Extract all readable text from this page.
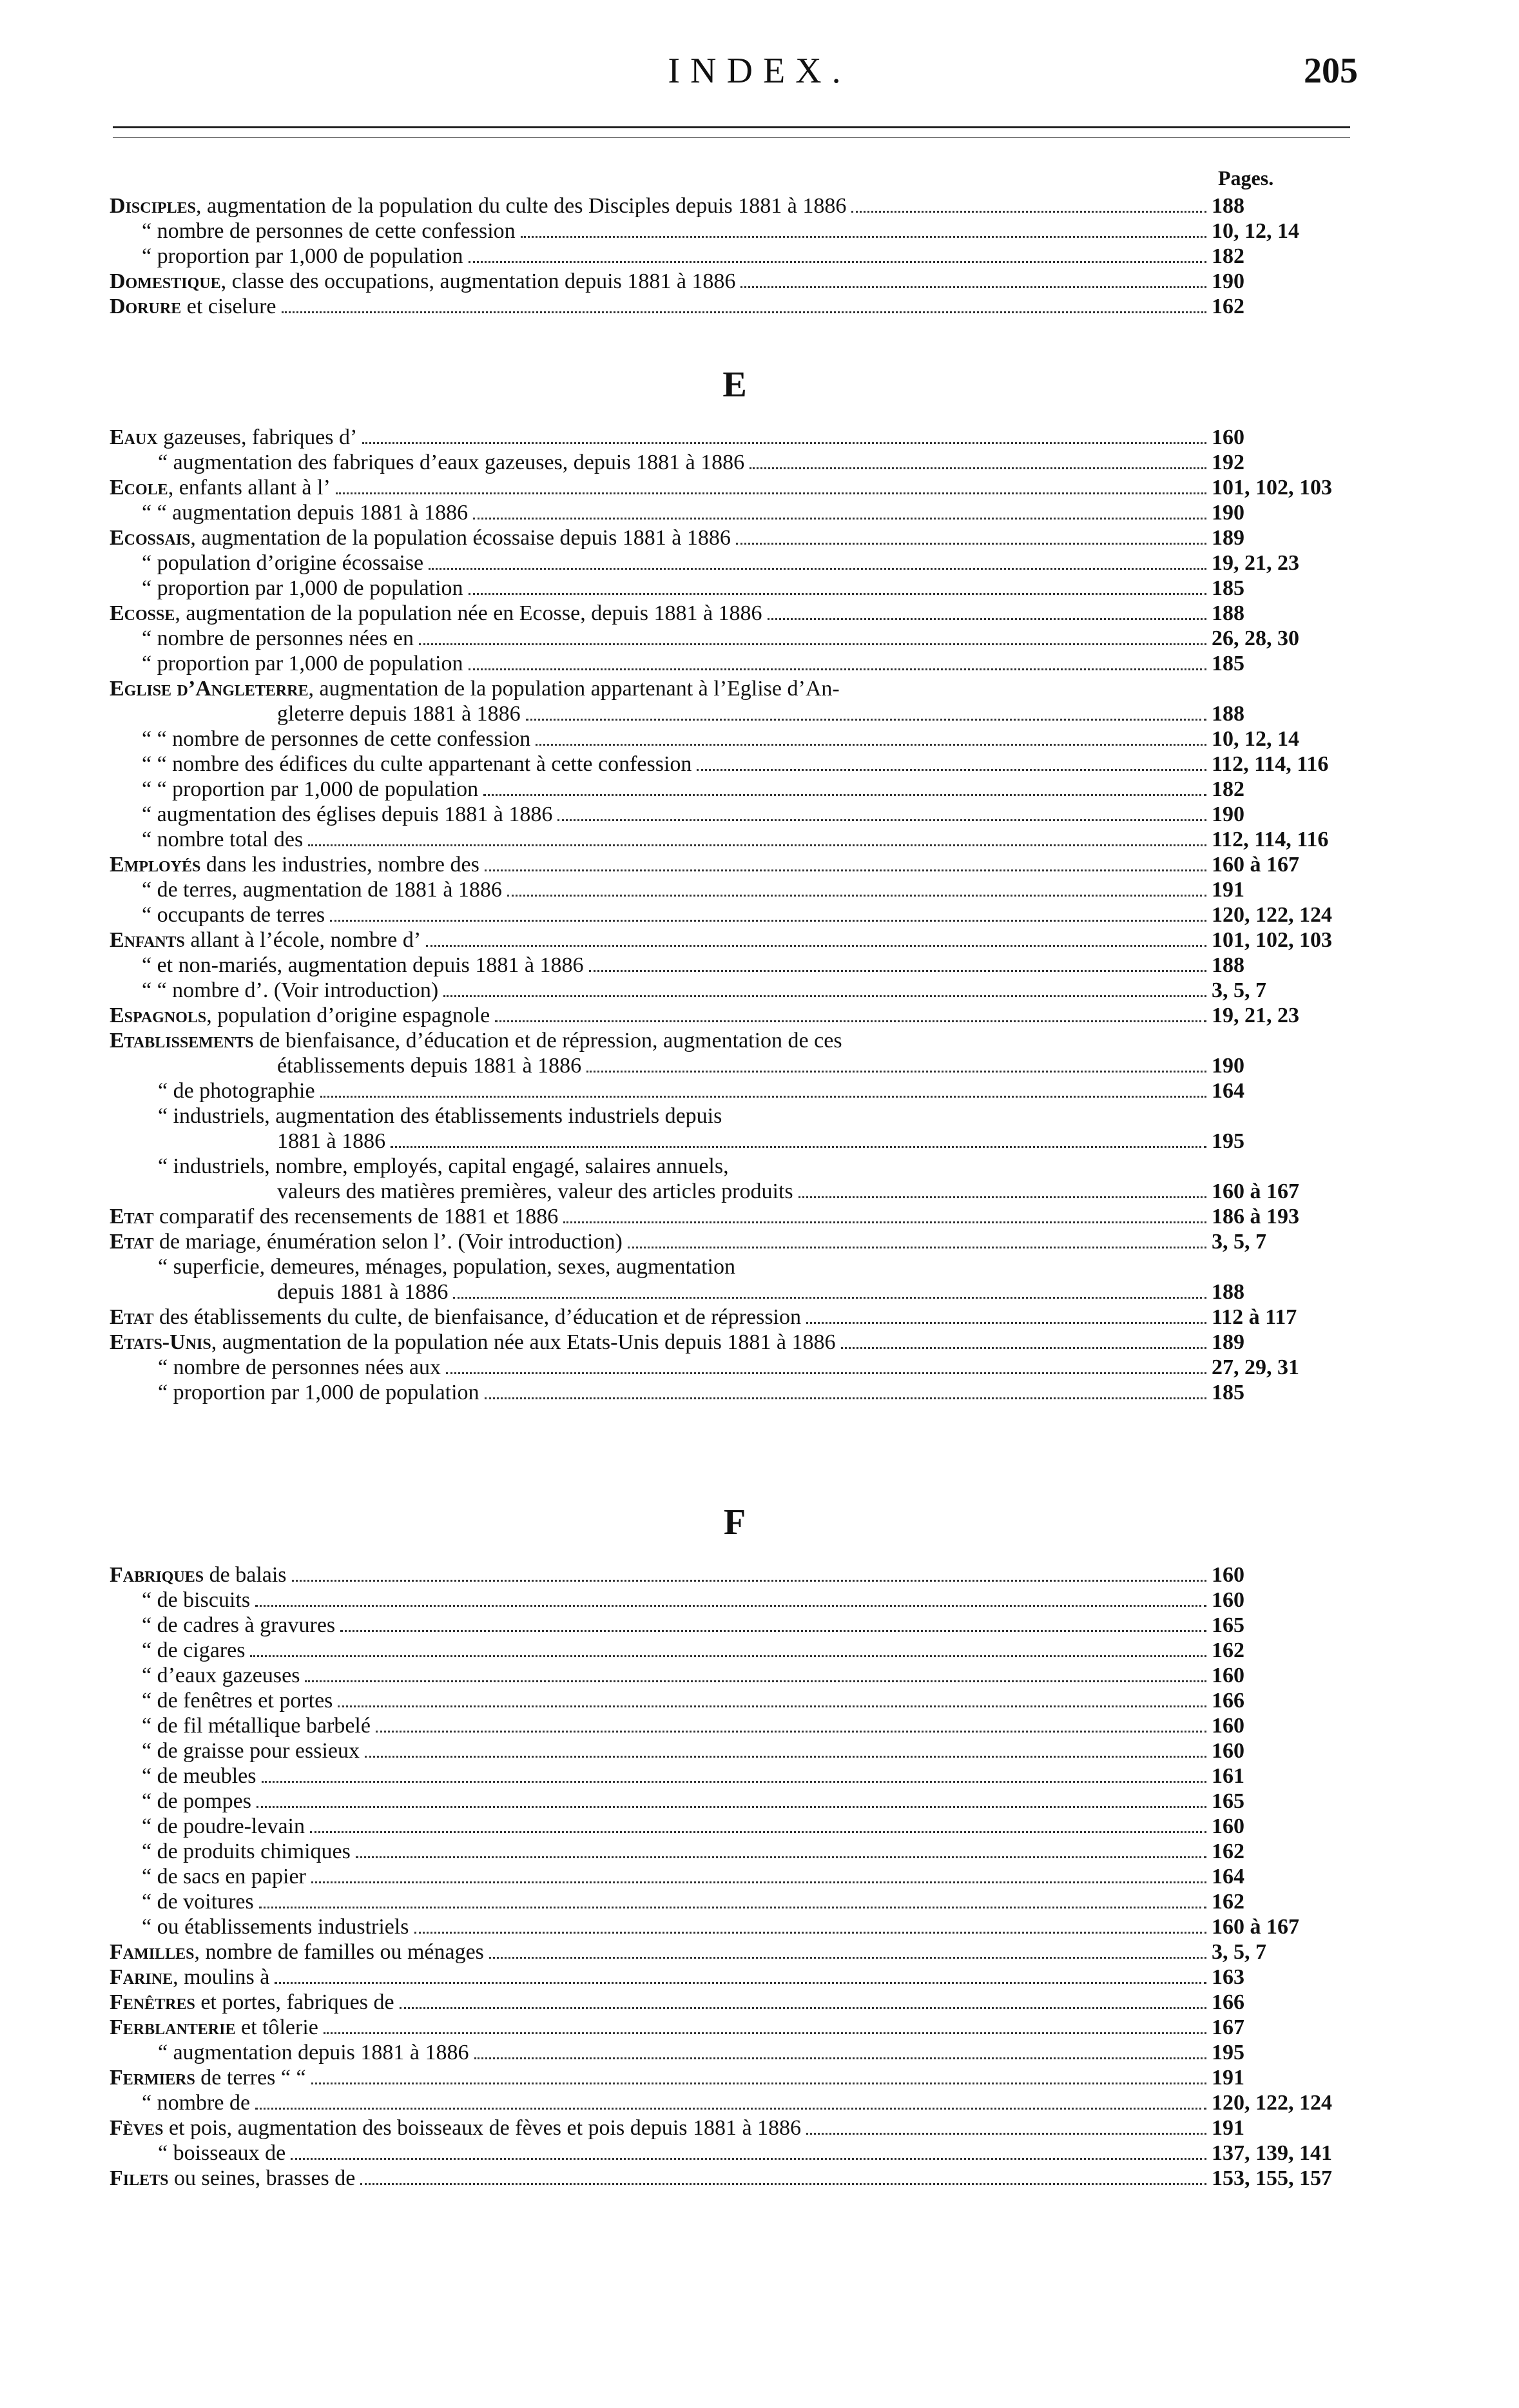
INDEX.	205
Pages.
Disciples, augmentation de la population du culte des Disciples depuis 1881 à 1886	188
“ nombre de personnes de cette confession	10, 12, 14
“ proportion par 1,000 de population	182
Domestique, classe des occupations, augmentation depuis 1881 à 1886	190
Dorure et ciselure	162
E
Eaux gazeuses, fabriques d’	160
“ augmentation des fabriques d’eaux gazeuses, depuis 1881 à 1886	192
Ecole, enfants allant à l’	101, 102, 103
“ “ augmentation depuis 1881 à 1886	190
Ecossais, augmentation de la population écossaise depuis 1881 à 1886	189
“ population d’origine écossaise	19, 21, 23
“ proportion par 1,000 de population	185
Ecosse, augmentation de la population née en Ecosse, depuis 1881 à 1886	188
“ nombre de personnes nées en	26, 28, 30
“ proportion par 1,000 de population	185
Eglise d’Angleterre, augmentation de la population appartenant à l’Eglise d’An-
gleterre depuis 1881 à 1886	188
“ “ nombre de personnes de cette confession	10, 12, 14
“ “ nombre des édifices du culte appartenant à cette confession	112, 114, 116
“ “ proportion par 1,000 de population	182
“ augmentation des églises depuis 1881 à 1886	190
“ nombre total des	112, 114, 116
Employés dans les industries, nombre des	160 à 167
“ de terres, augmentation de 1881 à 1886	191
“ occupants de terres	120, 122, 124
Enfants allant à l’école, nombre d’	101, 102, 103
“ et non-mariés, augmentation depuis 1881 à 1886	188
“ “ nombre d’. (Voir introduction)	3, 5, 7
Espagnols, population d’origine espagnole	19, 21, 23
Etablissements de bienfaisance, d’éducation et de répression, augmentation de ces
établissements depuis 1881 à 1886	190
“ de photographie	164
“ industriels, augmentation des établissements industriels depuis
1881 à 1886	195
“ industriels, nombre, employés, capital engagé, salaires annuels,
valeurs des matières premières, valeur des articles produits	160 à 167
Etat comparatif des recensements de 1881 et 1886	186 à 193
Etat de mariage, énumération selon l’. (Voir introduction)	3, 5, 7
“ superficie, demeures, ménages, population, sexes, augmentation
depuis 1881 à 1886	188
Etat des établissements du culte, de bienfaisance, d’éducation et de répression	112 à 117
Etats-Unis, augmentation de la population née aux Etats-Unis depuis 1881 à 1886	189
“ nombre de personnes nées aux	27, 29, 31
“ proportion par 1,000 de population	185
F
Fabriques de balais	160
“ de biscuits	160
“ de cadres à gravures	165
“ de cigares	162
“ d’eaux gazeuses	160
“ de fenêtres et portes	166
“ de fil métallique barbelé	160
“ de graisse pour essieux	160
“ de meubles	161
“ de pompes	165
“ de poudre-levain	160
“ de produits chimiques	162
“ de sacs en papier	164
“ de voitures	162
“ ou établissements industriels	160 à 167
Familles, nombre de familles ou ménages	3, 5, 7
Farine, moulins à	163
Fenêtres et portes, fabriques de	166
Ferblanterie et tôlerie	167
“ augmentation depuis 1881 à 1886	195
Fermiers de terres “ “	191
“ nombre de	120, 122, 124
Fèves et pois, augmentation des boisseaux de fèves et pois depuis 1881 à 1886	191
“ boisseaux de	137, 139, 141
Filets ou seines, brasses de	153, 155, 157
